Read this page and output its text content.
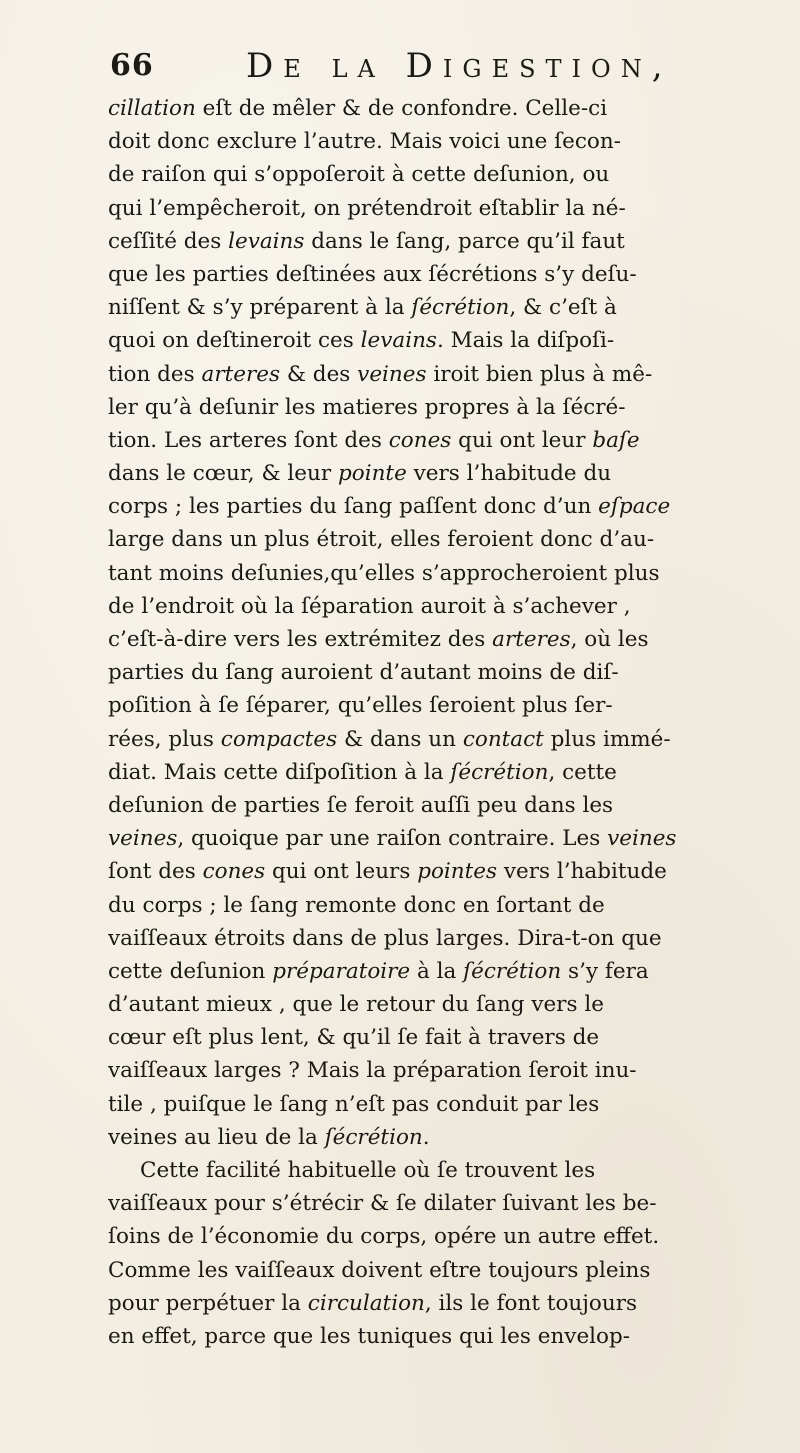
66	De la Digestion,
cillation eſt de mêler & de confondre. Celle-ci
doit donc exclure l’autre. Mais voici une ſecon-
de raiſon qui s’oppoſeroit à cette deſunion, ou
qui l’empêcheroit, on prétendroit eſtablir la né-
ceſſité des levains dans le ſang, parce qu’il faut
que les parties deſtinées aux ſécrétions s’y deſu-
niſſent & s’y préparent à la ſécrétion, & c’eſt à
quoi on deſtineroit ces levains. Mais la diſpoſi-
tion des arteres & des veines iroit bien plus à mê-
ler qu’à deſunir les matieres propres à la ſécré-
tion. Les arteres ſont des cones qui ont leur baſe
dans le cœur, & leur pointe vers l’habitude du
corps ; les parties du ſang paſſent donc d’un eſpace
large dans un plus étroit, elles feroient donc d’au-
tant moins deſunies,qu’elles s’approcheroient plus
de l’endroit où la ſéparation auroit à s’achever ,
c’eſt-à-dire vers les extrémitez des arteres, où les
parties du ſang auroient d’autant moins de diſ-
poſition à ſe ſéparer, qu’elles ſeroient plus ſer-
rées, plus compactes & dans un contact plus immé-
diat. Mais cette diſpoſition à la ſécrétion, cette
deſunion de parties ſe feroit auſſi peu dans les
veines, quoique par une raiſon contraire. Les veines
ſont des cones qui ont leurs pointes vers l’habitude
du corps ; le ſang remonte donc en ſortant de
vaiſſeaux étroits dans de plus larges. Dira-t-on que
cette deſunion préparatoire à la ſécrétion s’y fera
d’autant mieux , que le retour du ſang vers le
cœur eſt plus lent, & qu’il ſe fait à travers de
vaiſſeaux larges ? Mais la préparation ſeroit inu-
tile , puiſque le ſang n’eſt pas conduit par les
veines au lieu de la ſécrétion.
Cette facilité habituelle où ſe trouvent les
vaiſſeaux pour s’étrécir & ſe dilater ſuivant les be-
ſoins de l’économie du corps, opére un autre effet.
Comme les vaiſſeaux doivent eſtre toujours pleins
pour perpétuer la circulation, ils le font toujours
en effet, parce que les tuniques qui les envelop-
